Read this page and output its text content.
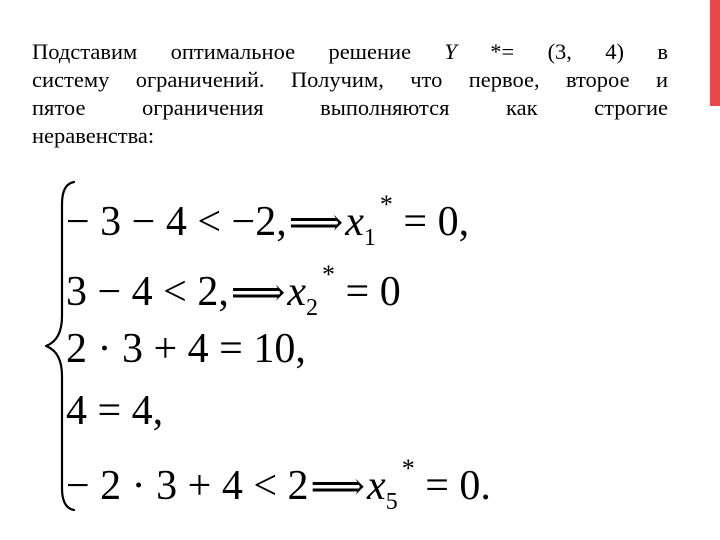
Подставим оптимальное решение Y *= (3, 4) в
систему ограничений. Получим, что первое, второе и
пятое ограничения выполняются как строгие
неравенства:
− $3 - 4 < -2,⟹x_1^* = 0$,
$3 - 4 < 2,⟹x_2^* = 0$
2 · 3 + 4 = 10,
4 = 4,
− $2 \cdot 3 + 4 < 2⟹x_5^* = 0$.
